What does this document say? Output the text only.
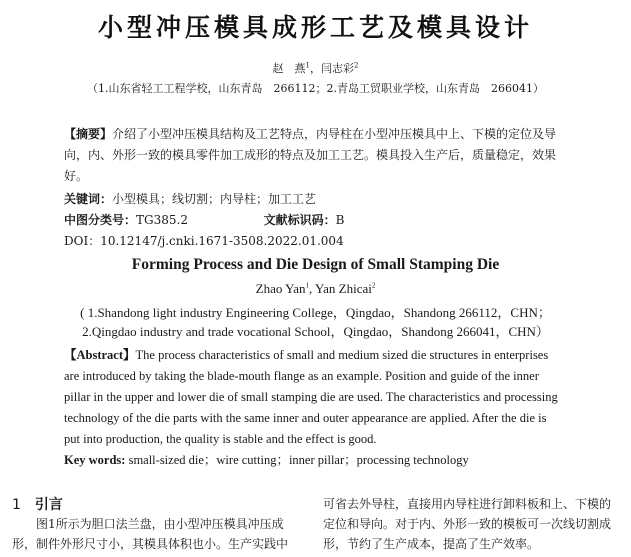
小型冲压模具成形工艺及模具设计
赵　燕$^1$，闫志彩$^2$
（1.山东省轻工工程学校，山东青岛　266112；2.青岛工贸职业学校，山东青岛　266041）
【摘要】介绍了小型冲压模具结构及工艺特点，内导柱在小型冲压模具中上、下模的定位及导向，内、外形一致的模具零件加工成形的特点及加工工艺。模具投入生产后，质量稳定，效果好。
关键词：小型模具；线切割；内导柱；加工工艺
中图分类号：TG385.2	文献标识码：B
DOI：10.12147/j.cnki.1671-3508.2022.01.004
Forming Process and Die Design of Small Stamping Die
Zhao Yan$^1$, Yan Zhicai$^2$
( 1.Shandong light industry Engineering College，Qingdao，Shandong 266112，CHN；
2.Qingdao industry and trade vocational School，Qingdao，Shandong 266041，CHN）
【Abstract】The process characteristics of small and medium sized die structures in enterprises are introduced by taking the blade-mouth flange as an example. Position and guide of the inner pillar in the upper and lower die of small stamping die are used. The characteristics and processing technology of the die parts with the same inner and outer appearance are applied. After the die is put into production, the quality is stable and the effect is good.
Key words: small-sized die；wire cutting；inner pillar；processing technology
1 引言
　　图1所示为胆口法兰盘，由小型冲压模具冲压成形，制件外形尺寸小，其模具体积也小。生产实践中
可省去外导柱，直接用内导柱进行卸料板和上、下模的定位和导向。对于内、外形一致的模板可一次线切割成形，节约了生产成本，提高了生产效率。
